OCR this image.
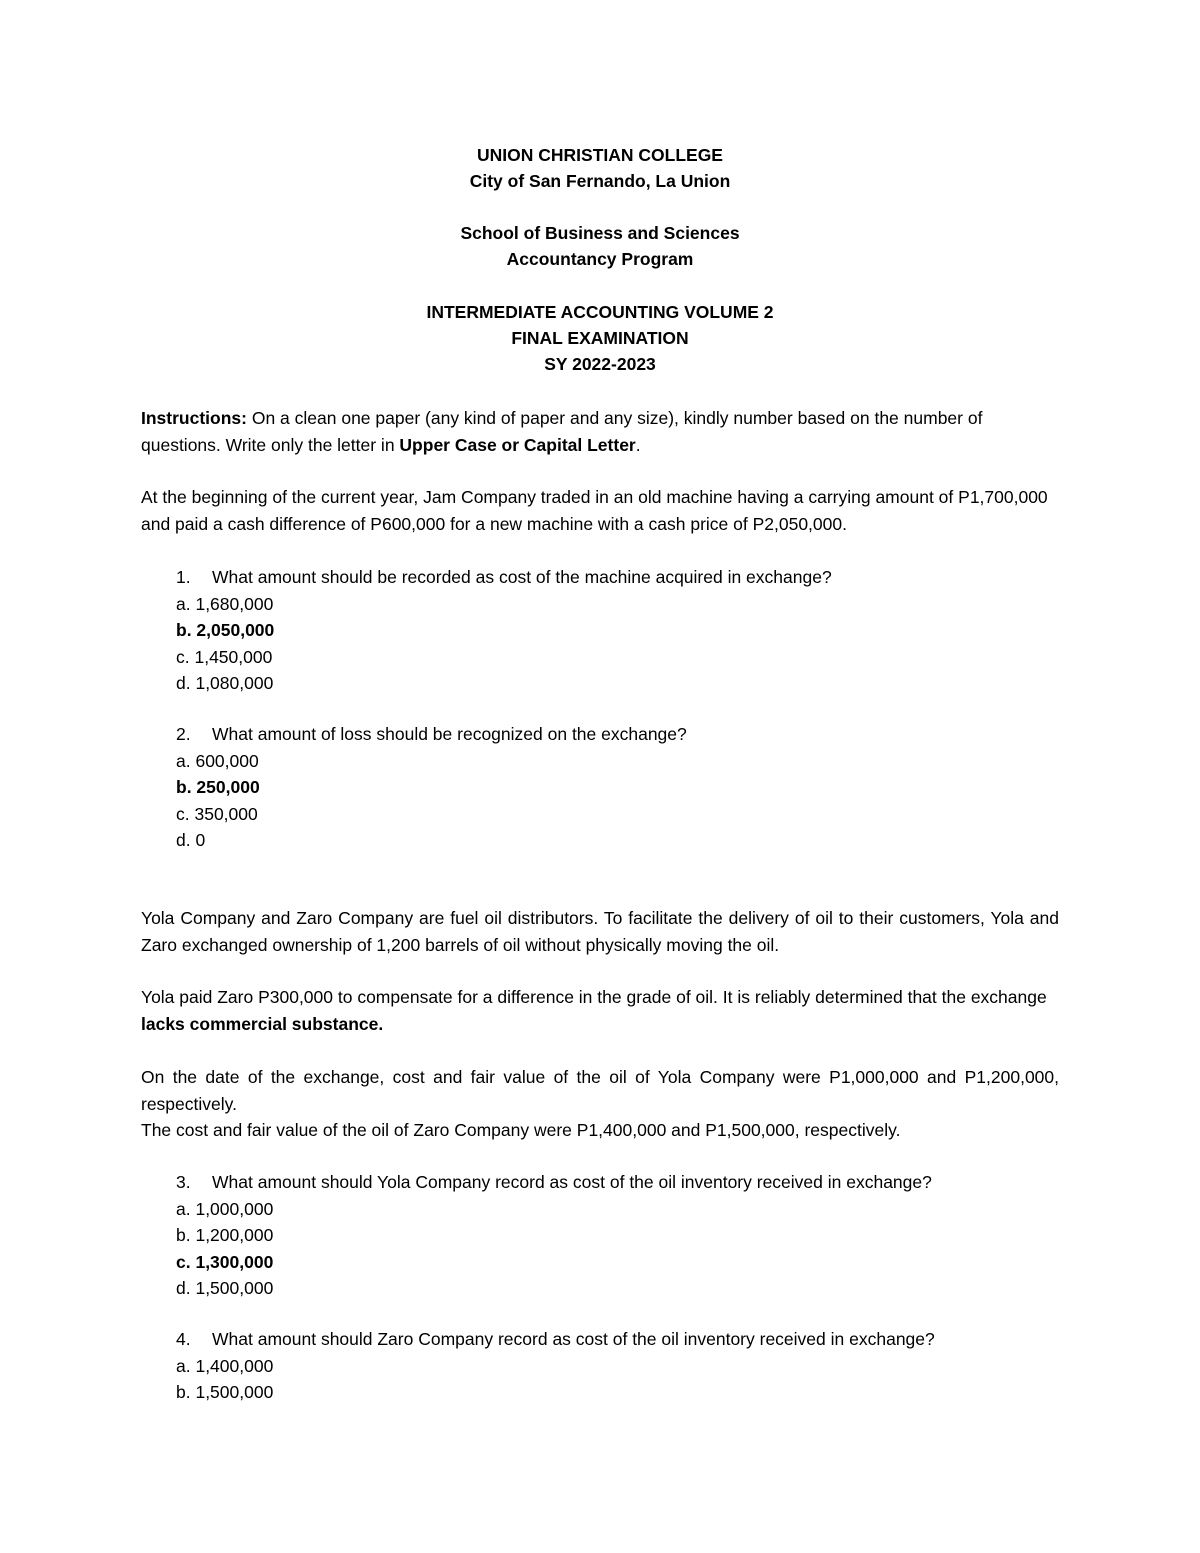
UNION CHRISTIAN COLLEGE
City of San Fernando, La Union
School of Business and Sciences
Accountancy Program
INTERMEDIATE ACCOUNTING VOLUME 2
FINAL EXAMINATION
SY 2022-2023
Instructions: On a clean one paper (any kind of paper and any size), kindly number based on the number of questions. Write only the letter in Upper Case or Capital Letter.
At the beginning of the current year, Jam Company traded in an old machine having a carrying amount of P1,700,000 and paid a cash difference of P600,000 for a new machine with a cash price of P2,050,000.
1. What amount should be recorded as cost of the machine acquired in exchange?
a. 1,680,000
b. 2,050,000
c. 1,450,000
d. 1,080,000
2. What amount of loss should be recognized on the exchange?
a. 600,000
b. 250,000
c. 350,000
d. 0
Yola Company and Zaro Company are fuel oil distributors. To facilitate the delivery of oil to their customers, Yola and Zaro exchanged ownership of 1,200 barrels of oil without physically moving the oil.
Yola paid Zaro P300,000 to compensate for a difference in the grade of oil. It is reliably determined that the exchange lacks commercial substance.
On the date of the exchange, cost and fair value of the oil of Yola Company were P1,000,000 and P1,200,000, respectively.
The cost and fair value of the oil of Zaro Company were P1,400,000 and P1,500,000, respectively.
3. What amount should Yola Company record as cost of the oil inventory received in exchange?
a. 1,000,000
b. 1,200,000
c. 1,300,000
d. 1,500,000
4. What amount should Zaro Company record as cost of the oil inventory received in exchange?
a. 1,400,000
b. 1,500,000
